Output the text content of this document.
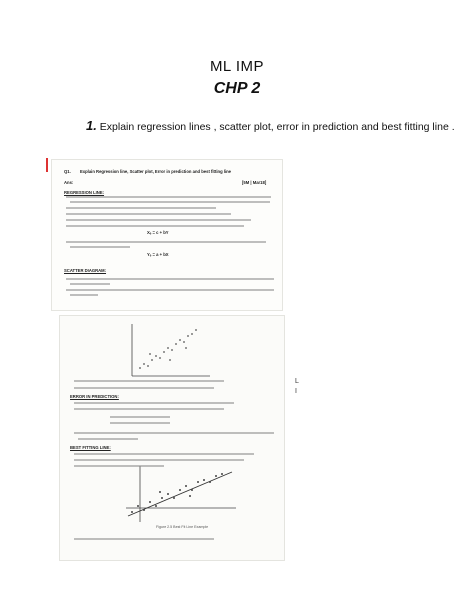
ML IMP
CHP 2
1. Explain regression lines , scatter plot, error in prediction and best fitting line .
Q1. Explain Regression line, Scatter plot, Error in prediction and best fitting line
Ans:	[5M | Mar18]
REGRESSION LINE:
Xₑ = c + bY
Yₑ = a + bX
SCATTER DIAGRAM:
ERROR IN PREDICTION:
BEST FITTING LINE:
Figure 2.5 Best Fit Line Example
L
I
